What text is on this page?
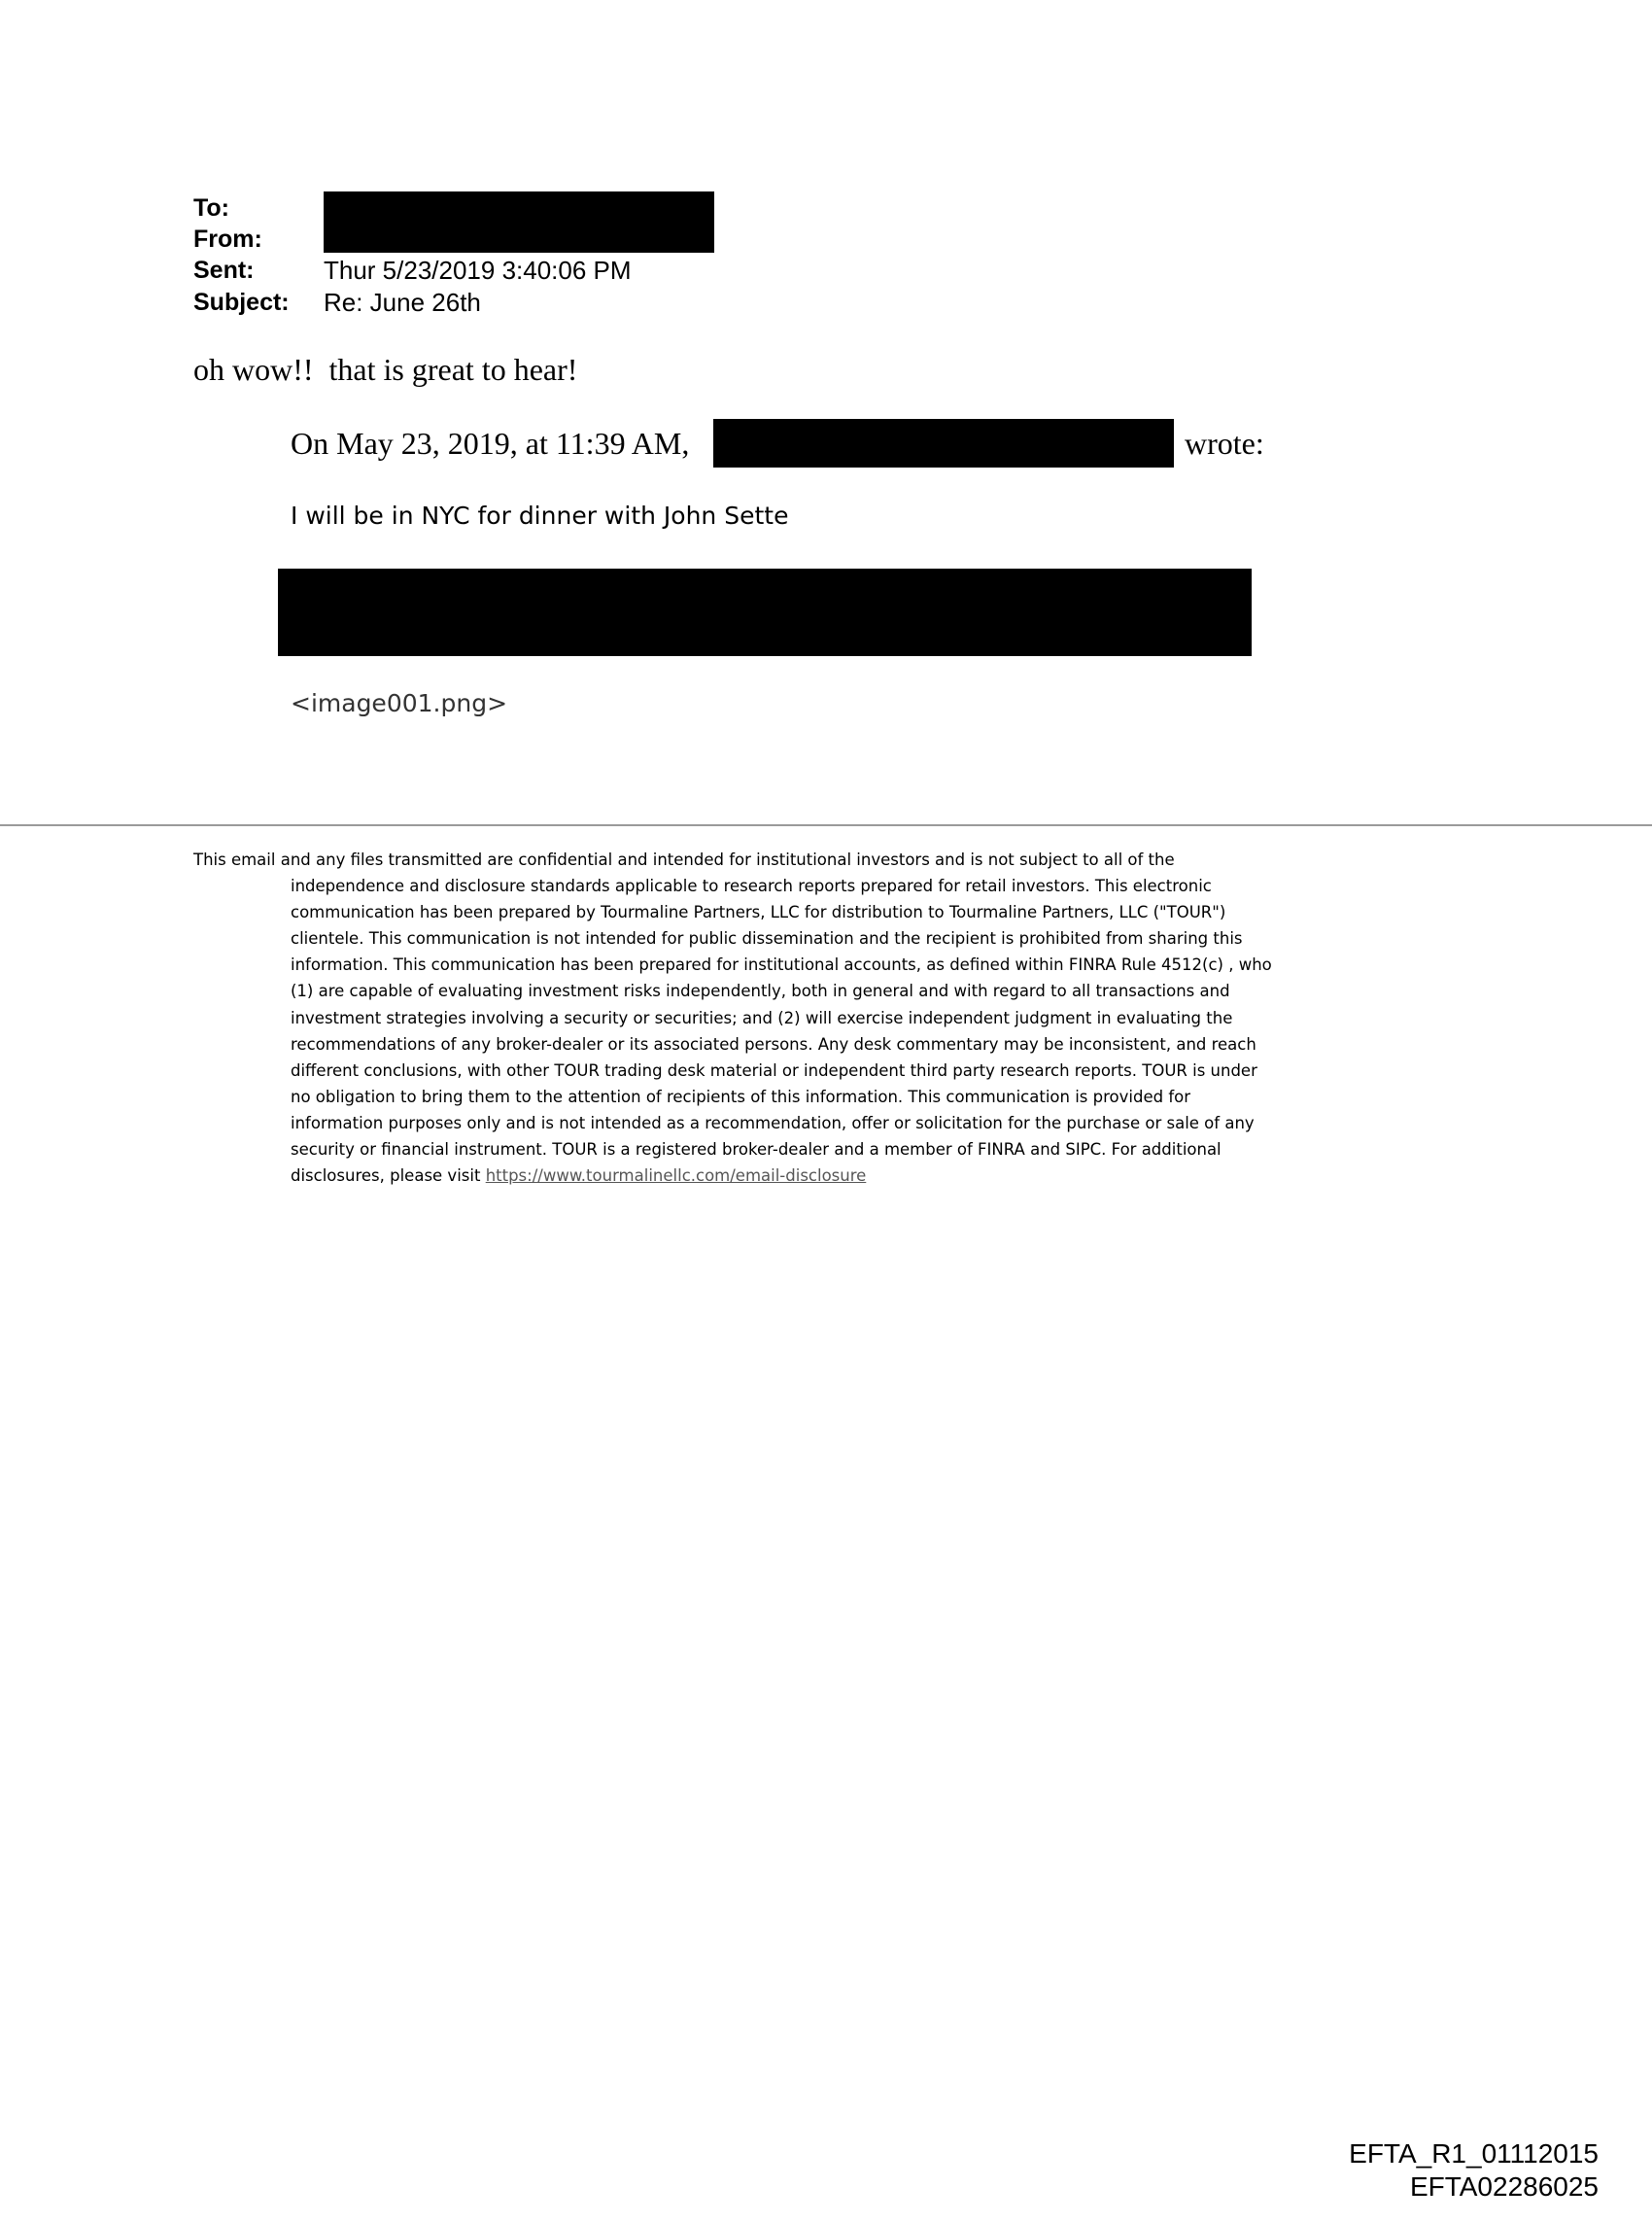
To:
From:
Sent:
Subject:
Thur 5/23/2019 3:40:06 PM
Re: June 26th
oh wow!!  that is great to hear!
On May 23, 2019, at 11:39 AM,	wrote:
I will be in NYC for dinner with John Sette
<image001.png>
This email and any files transmitted are confidential and intended for institutional investors and is not subject to all of the
independence and disclosure standards applicable to research reports prepared for retail investors. This electronic
communication has been prepared by Tourmaline Partners, LLC for distribution to Tourmaline Partners, LLC ("TOUR")
clientele. This communication is not intended for public dissemination and the recipient is prohibited from sharing this
information. This communication has been prepared for institutional accounts, as defined within FINRA Rule 4512(c) , who
(1) are capable of evaluating investment risks independently, both in general and with regard to all transactions and
investment strategies involving a security or securities; and (2) will exercise independent judgment in evaluating the
recommendations of any broker-dealer or its associated persons. Any desk commentary may be inconsistent, and reach
different conclusions, with other TOUR trading desk material or independent third party research reports. TOUR is under
no obligation to bring them to the attention of recipients of this information. This communication is provided for
information purposes only and is not intended as a recommendation, offer or solicitation for the purchase or sale of any
security or financial instrument. TOUR is a registered broker-dealer and a member of FINRA and SIPC. For additional
disclosures, please visit https://www.tourmalinellc.com/email-disclosure
EFTA_R1_01112015
EFTA02286025
